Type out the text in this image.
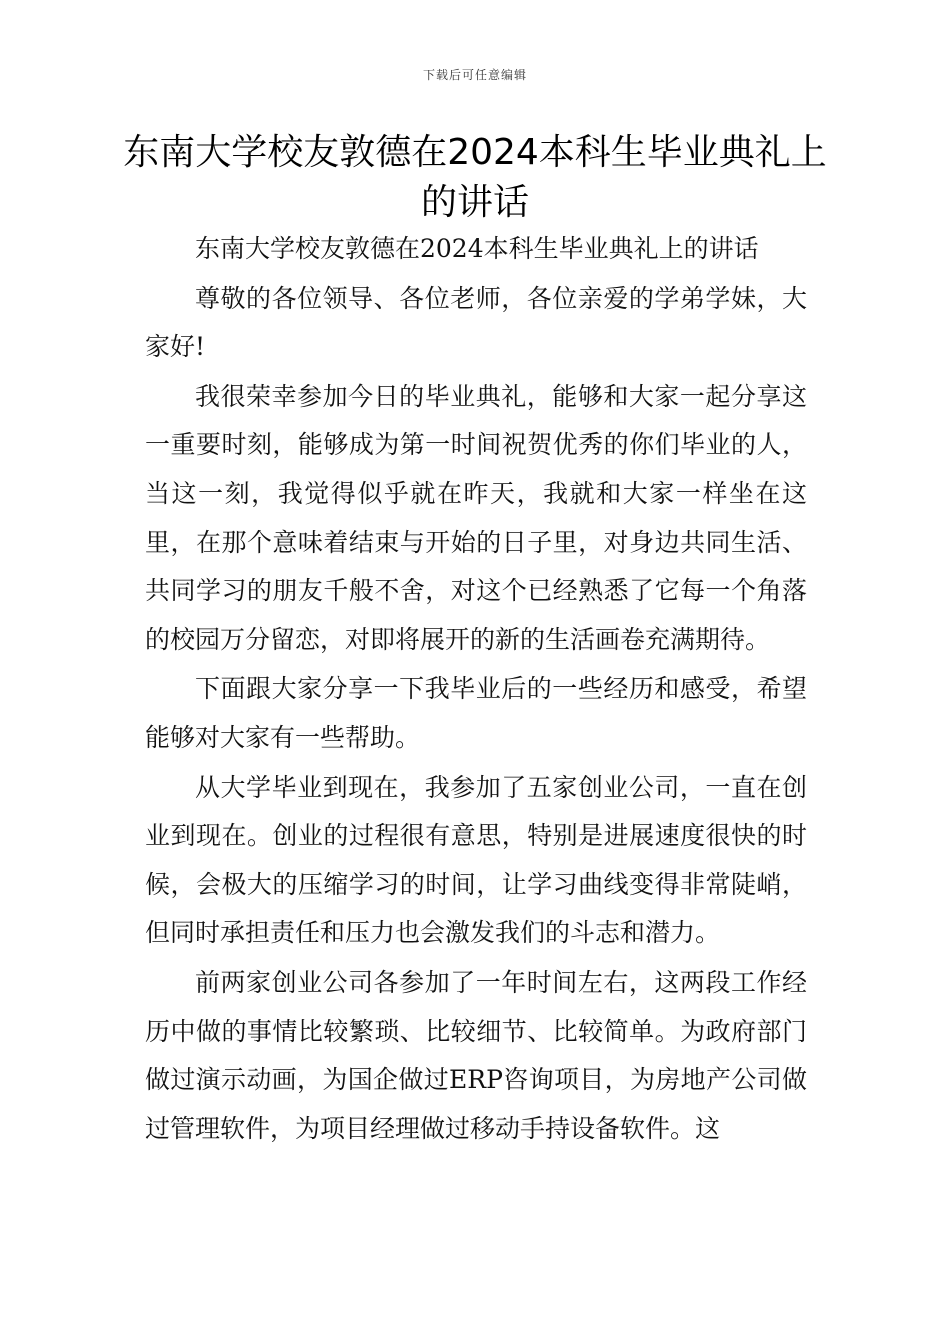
下载后可任意编辑
东南大学校友敦德在2024本科生毕业典礼上的讲话

东南大学校友敦德在2024本科生毕业典礼上的讲话

尊敬的各位领导、各位老师，各位亲爱的学弟学妹，大家好!

我很荣幸参加今日的毕业典礼，能够和大家一起分享这一重要时刻，能够成为第一时间祝贺优秀的你们毕业的人，当这一刻，我觉得似乎就在昨天，我就和大家一样坐在这里，在那个意味着结束与开始的日子里，对身边共同生活、共同学习的朋友千般不舍，对这个已经熟悉了它每一个角落的校园万分留恋，对即将展开的新的生活画卷充满期待。

下面跟大家分享一下我毕业后的一些经历和感受，希望能够对大家有一些帮助。

从大学毕业到现在，我参加了五家创业公司，一直在创业到现在。创业的过程很有意思，特别是进展速度很快的时候，会极大的压缩学习的时间，让学习曲线变得非常陡峭，但同时承担责任和压力也会激发我们的斗志和潜力。

前两家创业公司各参加了一年时间左右，这两段工作经历中做的事情比较繁琐、比较细节、比较简单。为政府部门做过演示动画，为国企做过ERP咨询项目，为房地产公司做过管理软件，为项目经理做过移动手持设备软件。这
